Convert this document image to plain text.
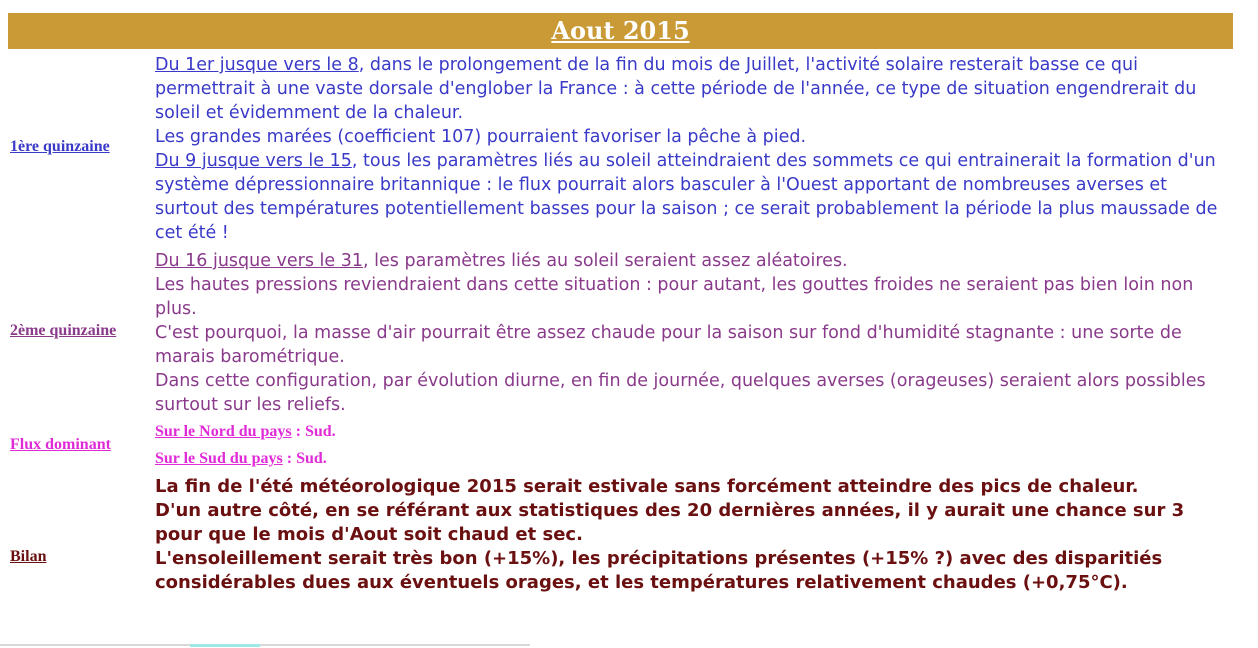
Aout 2015
1ère quinzaine

Du 1er jusque vers le 8, dans le prolongement de la fin du mois de Juillet, l'activité solaire resterait basse ce qui permettrait à une vaste dorsale d'englober la France : à cette période de l'année, ce type de situation engendrerait du soleil et évidemment de la chaleur.

Les grandes marées (coefficient 107) pourraient favoriser la pêche à pied.

Du 9 jusque vers le 15, tous les paramètres liés au soleil atteindraient des sommets ce qui entrainerait la formation d'un système dépressionnaire britannique : le flux pourrait alors basculer à l'Ouest apportant de nombreuses averses et surtout des températures potentiellement basses pour la saison ; ce serait probablement la période la plus maussade de cet été !

2ème quinzaine

Du 16 jusque vers le 31, les paramètres liés au soleil seraient assez aléatoires.

Les hautes pressions reviendraient dans cette situation : pour autant, les gouttes froides ne seraient pas bien loin non plus.

C'est pourquoi, la masse d'air pourrait être assez chaude pour la saison sur fond d'humidité stagnante : une sorte de marais barométrique.

Dans cette configuration, par évolution diurne, en fin de journée, quelques averses (orageuses) seraient alors possibles surtout sur les reliefs.

Flux dominant
Sur le Nord du pays : Sud.
Sur le Sud du pays : Sud.
Bilan

La fin de l'été météorologique 2015 serait estivale sans forcément atteindre des pics de chaleur.

D'un autre côté, en se référant aux statistiques des 20 dernières années, il y aurait une chance sur 3 pour que le mois d'Aout soit chaud et sec.

L'ensoleillement serait très bon (+15%), les précipitations présentes (+15% ?) avec des disparitiés considérables dues aux éventuels orages, et les températures relativement chaudes (+0,75°C).
